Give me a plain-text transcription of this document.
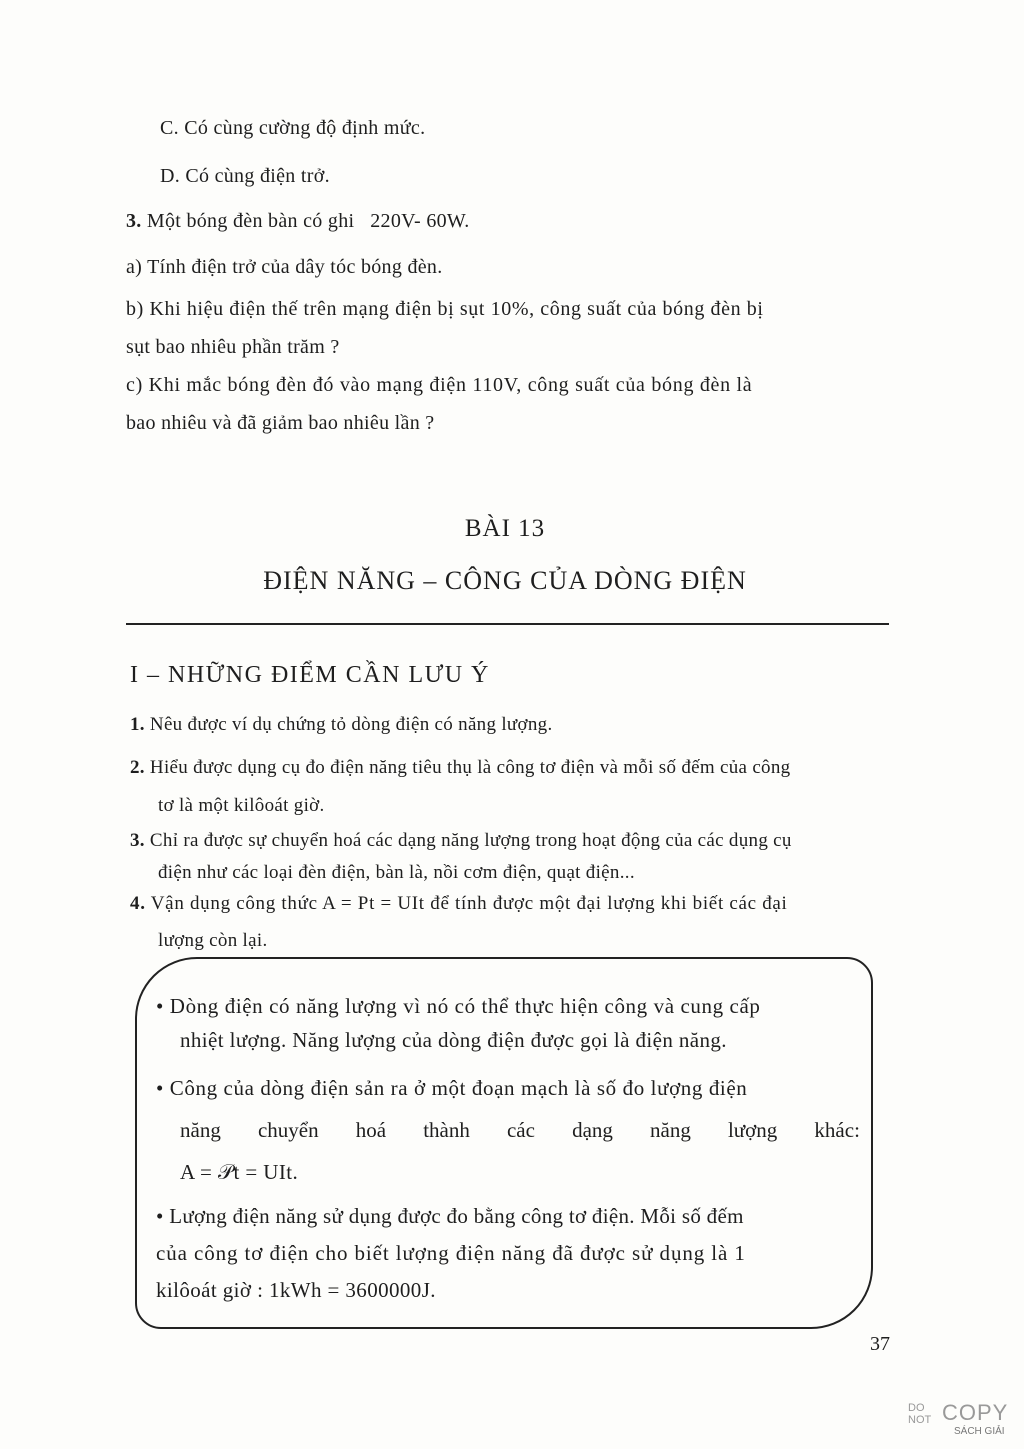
C. Có cùng cường độ định mức.

D. Có cùng điện trở.

3. Một bóng đèn bàn có ghi   220V- 60W.

a) Tính điện trở của dây tóc bóng đèn.

b) Khi hiệu điện thế trên mạng điện bị sụt 10%, công suất của bóng đèn bị

sụt bao nhiêu phần trăm ?

c) Khi mắc bóng đèn đó vào mạng điện 110V, công suất của bóng đèn là

bao nhiêu và đã giảm bao nhiêu lần ?

BÀI 13

ĐIỆN NĂNG – CÔNG CỦA DÒNG ĐIỆN

I – NHỮNG ĐIỂM CẦN LƯU Ý

1. Nêu được ví dụ chứng tỏ dòng điện có năng lượng.

2. Hiểu được dụng cụ đo điện năng tiêu thụ là công tơ điện và mỗi số đếm của công

tơ là một kilôoát giờ.

3. Chỉ ra được sự chuyển hoá các dạng năng lượng trong hoạt động của các dụng cụ

điện như các loại đèn điện, bàn là, nồi cơm điện, quạt điện...

4. Vận dụng công thức A = Pt = UIt để tính được một đại lượng khi biết các đại

lượng còn lại.

• Dòng điện có năng lượng vì nó có thể thực hiện công và cung cấp

nhiệt lượng. Năng lượng của dòng điện được gọi là điện năng.

• Công của dòng điện sản ra ở một đoạn mạch là số đo lượng điện

năng chuyển hoá thành các dạng năng lượng khác:

A = 𝒫t = UIt.

• Lượng điện năng sử dụng được đo bằng công tơ điện. Mỗi số đếm

của công tơ điện cho biết lượng điện năng đã được sử dụng là 1

kilôoát giờ : 1kWh = 3600000J.

37

DO
NOT COPY
SÁCH GIẢI
